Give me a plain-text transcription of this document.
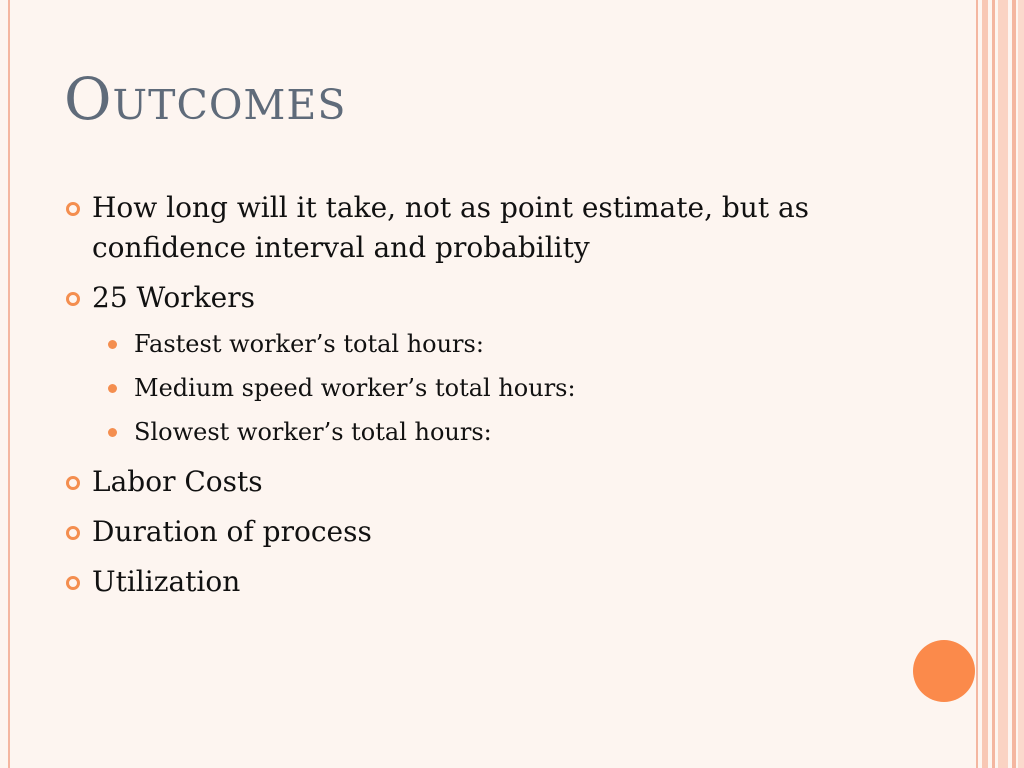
Outcomes
How long will it take, not as point estimate, but as confidence interval and probability
25 Workers
Fastest worker’s total hours:
Medium speed worker’s total hours:
Slowest worker’s total hours:
Labor Costs
Duration of process
Utilization
